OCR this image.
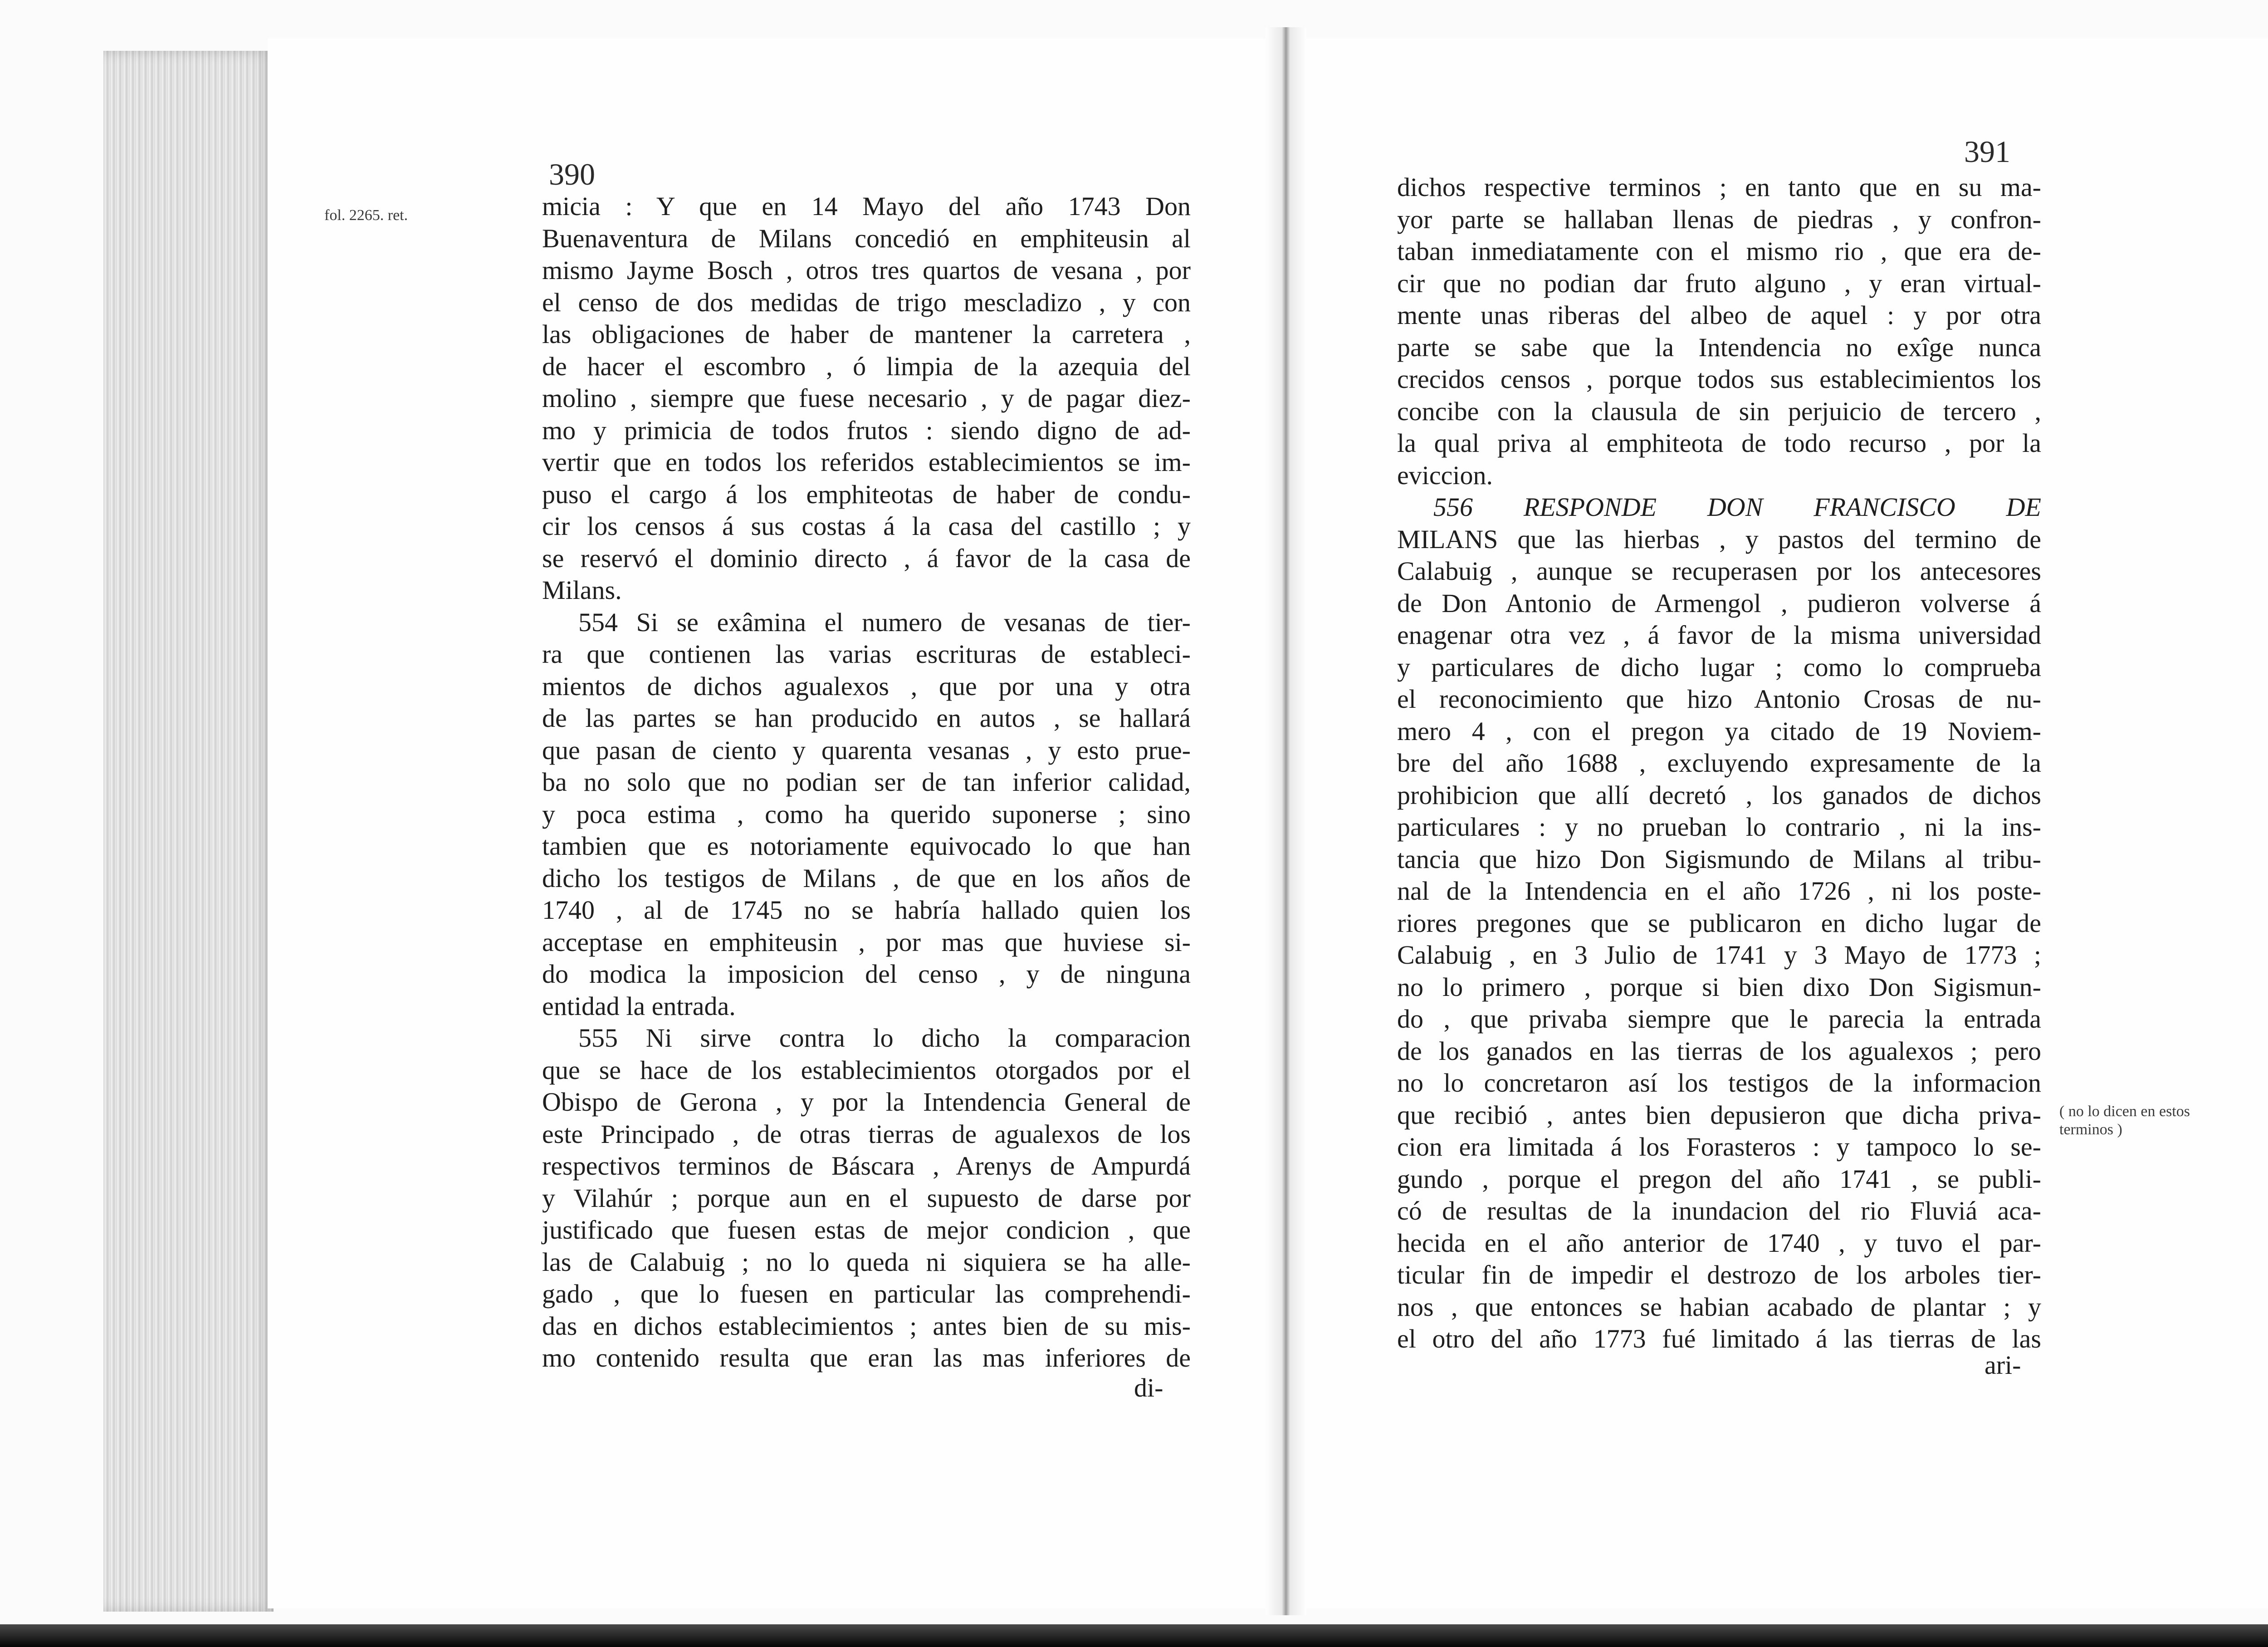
fol. 2265. ret.
390
micia : Y que en 14 Mayo del año 1743 Don
Buenaventura de Milans concedió en emphiteusin al
mismo Jayme Bosch , otros tres quartos de vesana , por
el censo de dos medidas de trigo mescladizo , y con
las obligaciones de haber de mantener la carretera ,
de hacer el escombro , ó limpia de la azequia del
molino , siempre que fuese necesario , y de pagar diez-
mo y primicia de todos frutos : siendo digno de ad-
vertir que en todos los referidos establecimientos se im-
puso el cargo á los emphiteotas de haber de condu-
cir los censos á sus costas á la casa del castillo ; y
se reservó el dominio directo , á favor de la casa de
Milans.
554 Si se exâmina el numero de vesanas de tier-
ra que contienen las varias escrituras de estableci-
mientos de dichos agualexos , que por una y otra
de las partes se han producido en autos , se hallará
que pasan de ciento y quarenta vesanas , y esto prue-
ba no solo que no podian ser de tan inferior calidad,
y poca estima , como ha querido suponerse ; sino
tambien que es notoriamente equivocado lo que han
dicho los testigos de Milans , de que en los años de
1740 , al de 1745 no se habría hallado quien los
acceptase en emphiteusin , por mas que huviese si-
do modica la imposicion del censo , y de ninguna
entidad la entrada.
555 Ni sirve contra lo dicho la comparacion
que se hace de los establecimientos otorgados por el
Obispo de Gerona , y por la Intendencia General de
este Principado , de otras tierras de agualexos de los
respectivos terminos de Báscara , Arenys de Ampurdá
y Vilahúr ; porque aun en el supuesto de darse por
justificado que fuesen estas de mejor condicion , que
las de Calabuig ; no lo queda ni siquiera se ha alle-
gado , que lo fuesen en particular las comprehendi-
das en dichos establecimientos ; antes bien de su mis-
mo contenido resulta que eran las mas inferiores de
di-
391
dichos respective terminos ; en tanto que en su ma-
yor parte se hallaban llenas de piedras , y confron-
taban inmediatamente con el mismo rio , que era de-
cir que no podian dar fruto alguno , y eran virtual-
mente unas riberas del albeo de aquel : y por otra
parte se sabe que la Intendencia no exîge nunca
crecidos censos , porque todos sus establecimientos los
concibe con la clausula de sin perjuicio de tercero ,
la qual priva al emphiteota de todo recurso , por la
eviccion.
556 RESPONDE DON FRANCISCO DE
MILANS que las hierbas , y pastos del termino de
Calabuig , aunque se recuperasen por los antecesores
de Don Antonio de Armengol , pudieron volverse á
enagenar otra vez , á favor de la misma universidad
y particulares de dicho lugar ; como lo comprueba
el reconocimiento que hizo Antonio Crosas de nu-
mero 4 , con el pregon ya citado de 19 Noviem-
bre del año 1688 , excluyendo expresamente de la
prohibicion que allí decretó , los ganados de dichos
particulares : y no prueban lo contrario , ni la ins-
tancia que hizo Don Sigismundo de Milans al tribu-
nal de la Intendencia en el año 1726 , ni los poste-
riores pregones que se publicaron en dicho lugar de
Calabuig , en 3 Julio de 1741 y 3 Mayo de 1773 ;
no lo primero , porque si bien dixo Don Sigismun-
do , que privaba siempre que le parecia la entrada
de los ganados en las tierras de los agualexos ; pero
no lo concretaron así los testigos de la informacion
que recibió , antes bien depusieron que dicha priva-
cion era limitada á los Forasteros : y tampoco lo se-
gundo , porque el pregon del año 1741 , se publi-
có de resultas de la inundacion del rio Fluviá aca-
hecida en el año anterior de 1740 , y tuvo el par-
ticular fin de impedir el destrozo de los arboles tier-
nos , que entonces se habian acabado de plantar ; y
el otro del año 1773 fué limitado á las tierras de las
ari-
( no lo dicen en estos
terminos )
